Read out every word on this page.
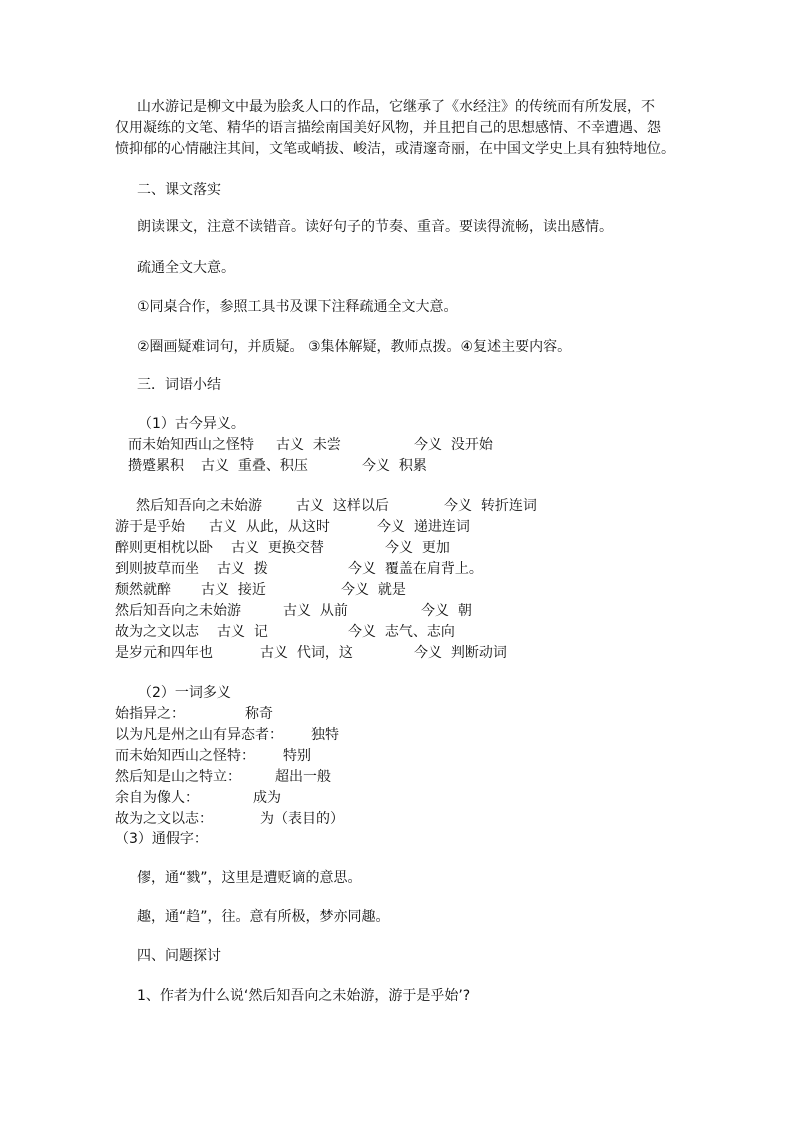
山水游记是柳文中最为脍炙人口的作品，它继承了《水经注》的传统而有所发展，不
仅用凝练的文笔、精华的语言描绘南国美好风物，并且把自己的思想感情、不幸遭遇、怨
愤抑郁的心情融注其间，文笔或峭拔、峻洁，或清邃奇丽，在中国文学史上具有独特地位。
二、课文落实
朗读课文，注意不读错音。读好句子的节奏、重音。要读得流畅，读出感情。
疏通全文大意。
①同桌合作，参照工具书及课下注释疏通全文大意。
②圈画疑难词句，并质疑。 ③集体解疑，教师点拨。④复述主要内容。
三．词语小结
（1）古今异义。
而未始知西山之怪特 古义  未尝	今义  没开始
攒蹙累积 古义  重叠、积压	今义  积累
然后知吾向之未始游 古义  这样以后	今义  转折连词
游于是乎始 古义  从此，从这时	今义  递进连词
醉则更相枕以卧 古义  更换交替	今义  更加
到则披草而坐 古义  拨	今义  覆盖在肩背上。
颓然就醉 古义  接近	今义  就是
然后知吾向之未始游	古义  从前	今义  朝
故为之文以志 古义  记	今义  志气、志向
是岁元和四年也	古义  代词，这	今义  判断动词
（2）一词多义
始指异之：	称奇
以为凡是州之山有异态者： 独特
而未始知西山之怪特： 特别
然后知是山之特立： 超出一般
余自为像人：	成为
故为之文以志：	为（表目的）
（3）通假字：
僇，通“戮”，这里是遭贬谪的意思。
趣，通“趋”，往。意有所极，梦亦同趣。
四、问题探讨
1、作者为什么说‘然后知吾向之未始游，游于是乎始’?
